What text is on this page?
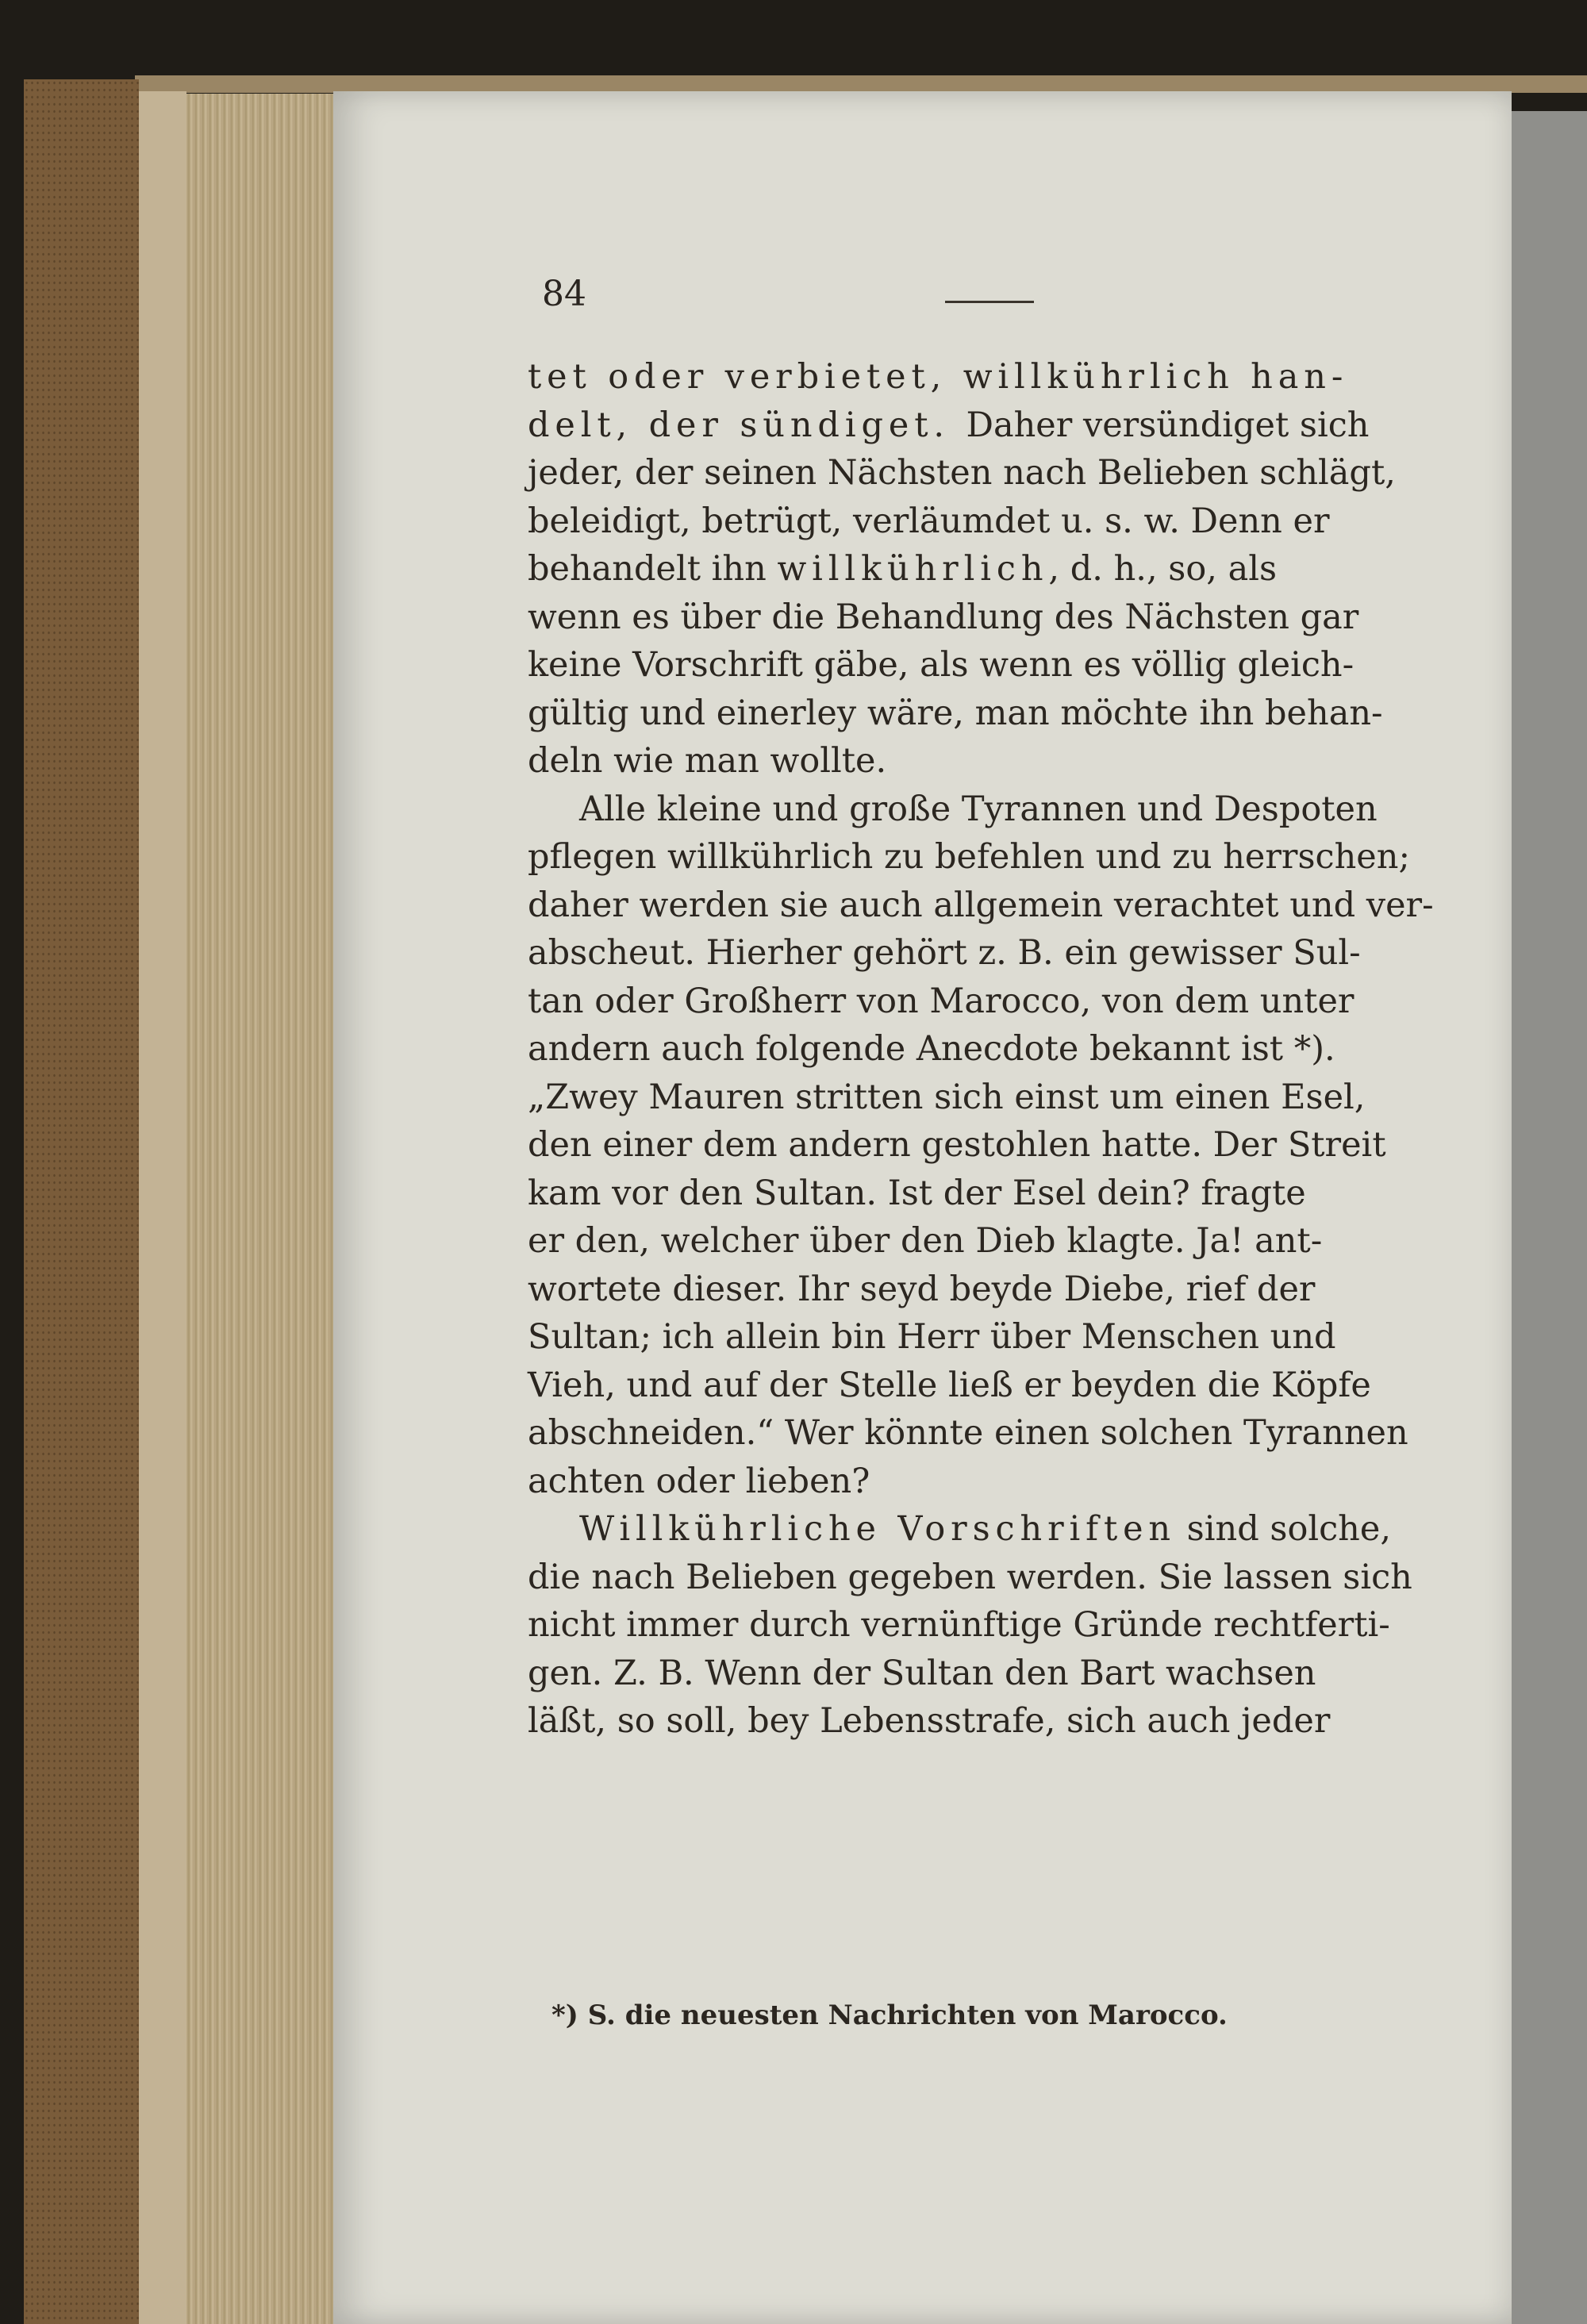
84
tet oder verbietet, willkührlich han-
delt, der sündiget. Daher versündiget sich
jeder, der seinen Nächsten nach Belieben schlägt,
beleidigt, betrügt, verläumdet u. s. w. Denn er
behandelt ihn willkührlich, d. h., so, als
wenn es über die Behandlung des Nächsten gar
keine Vorschrift gäbe, als wenn es völlig gleich-
gültig und einerley wäre, man möchte ihn behan-
deln wie man wollte.
Alle kleine und große Tyrannen und Despoten
pflegen willkührlich zu befehlen und zu herrschen;
daher werden sie auch allgemein verachtet und ver-
abscheut. Hierher gehört z. B. ein gewisser Sul-
tan oder Großherr von Marocco, von dem unter
andern auch folgende Anecdote bekannt ist *).
„Zwey Mauren stritten sich einst um einen Esel,
den einer dem andern gestohlen hatte. Der Streit
kam vor den Sultan. Ist der Esel dein? fragte
er den, welcher über den Dieb klagte. Ja! ant-
wortete dieser. Ihr seyd beyde Diebe, rief der
Sultan; ich allein bin Herr über Menschen und
Vieh, und auf der Stelle ließ er beyden die Köpfe
abschneiden.“ Wer könnte einen solchen Tyrannen
achten oder lieben?
Willkührliche Vorschriften sind solche,
die nach Belieben gegeben werden. Sie lassen sich
nicht immer durch vernünftige Gründe rechtferti-
gen. Z. B. Wenn der Sultan den Bart wachsen
läßt, so soll, bey Lebensstrafe, sich auch jeder
*) S. die neuesten Nachrichten von Marocco.
